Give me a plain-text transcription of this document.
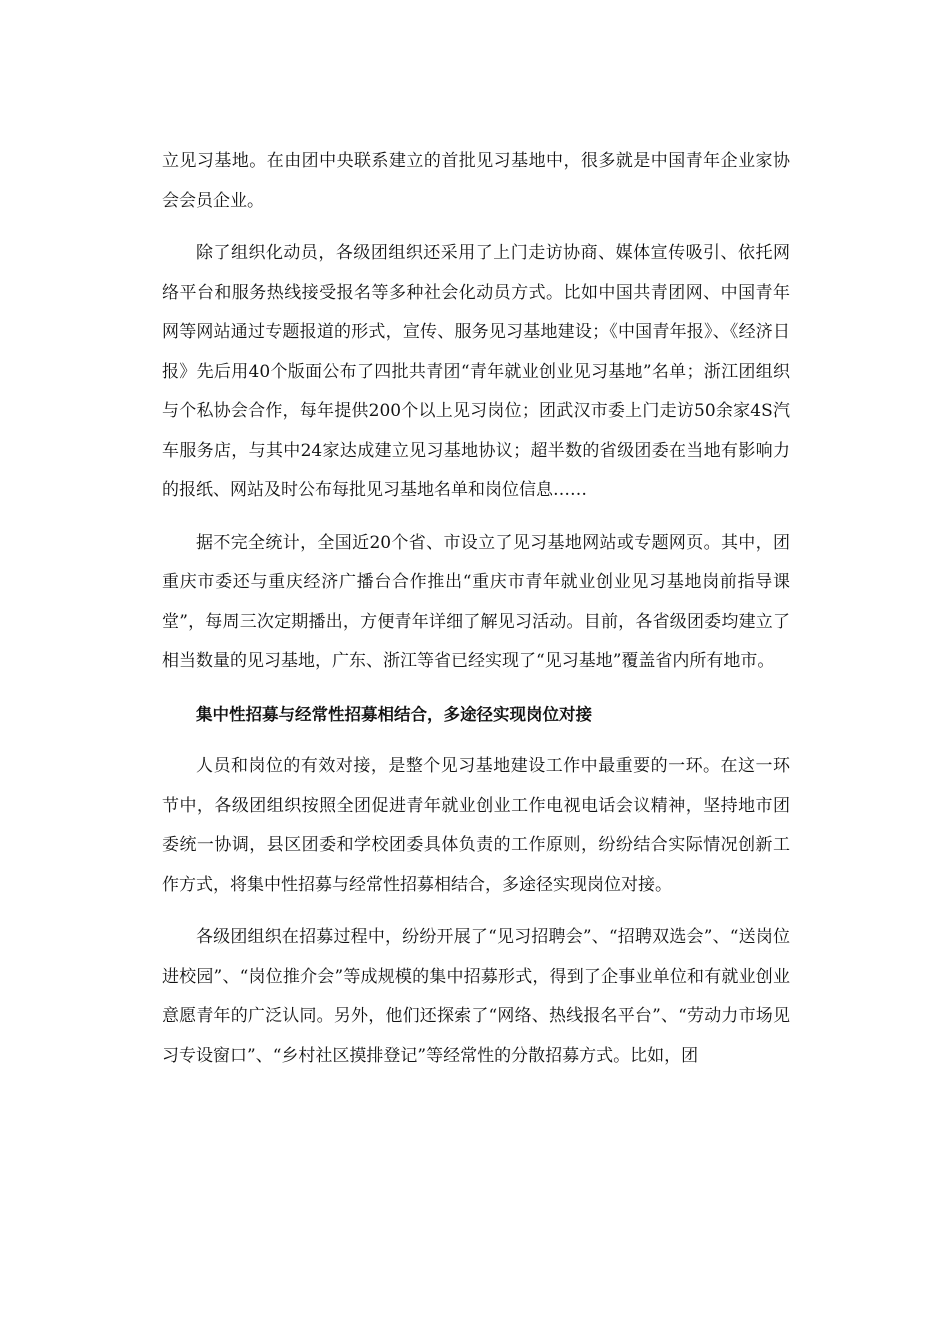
立见习基地。在由团中央联系建立的首批见习基地中，很多就是中国青年企业家协会会员企业。

除了组织化动员，各级团组织还采用了上门走访协商、媒体宣传吸引、依托网络平台和服务热线接受报名等多种社会化动员方式。比如中国共青团网、中国青年网等网站通过专题报道的形式，宣传、服务见习基地建设；《中国青年报》、《经济日报》先后用40个版面公布了四批共青团“青年就业创业见习基地”名单；浙江团组织与个私协会合作，每年提供200个以上见习岗位；团武汉市委上门走访50余家4S汽车服务店，与其中24家达成建立见习基地协议；超半数的省级团委在当地有影响力的报纸、网站及时公布每批见习基地名单和岗位信息……

据不完全统计，全国近20个省、市设立了见习基地网站或专题网页。其中，团重庆市委还与重庆经济广播台合作推出“重庆市青年就业创业见习基地岗前指导课堂”，每周三次定期播出，方便青年详细了解见习活动。目前，各省级团委均建立了相当数量的见习基地，广东、浙江等省已经实现了“见习基地”覆盖省内所有地市。

集中性招募与经常性招募相结合，多途径实现岗位对接

人员和岗位的有效对接，是整个见习基地建设工作中最重要的一环。在这一环节中，各级团组织按照全团促进青年就业创业工作电视电话会议精神，坚持地市团委统一协调，县区团委和学校团委具体负责的工作原则，纷纷结合实际情况创新工作方式，将集中性招募与经常性招募相结合，多途径实现岗位对接。

各级团组织在招募过程中，纷纷开展了“见习招聘会”、“招聘双选会”、“送岗位进校园”、“岗位推介会”等成规模的集中招募形式，得到了企事业单位和有就业创业意愿青年的广泛认同。另外，他们还探索了“网络、热线报名平台”、“劳动力市场见习专设窗口”、“乡村社区摸排登记”等经常性的分散招募方式。比如，团
